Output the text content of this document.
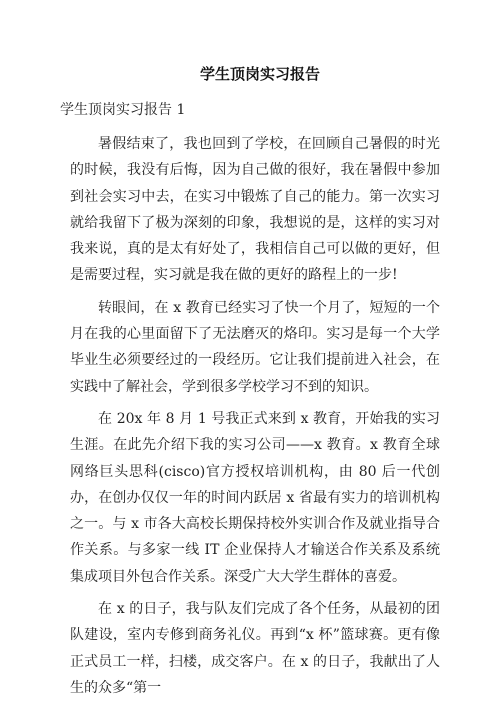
学生顶岗实习报告
学生顶岗实习报告 1

暑假结束了，我也回到了学校，在回顾自己暑假的时光的时候，我没有后悔，因为自己做的很好，我在暑假中参加到社会实习中去，在实习中锻炼了自己的能力。第一次实习就给我留下了极为深刻的印象，我想说的是，这样的实习对我来说，真的是太有好处了，我相信自己可以做的更好，但是需要过程，实习就是我在做的更好的路程上的一步!

转眼间，在 x 教育已经实习了快一个月了，短短的一个月在我的心里面留下了无法磨灭的烙印。实习是每一个大学毕业生必须要经过的一段经历。它让我们提前进入社会，在实践中了解社会，学到很多学校学习不到的知识。

在 20x 年 8 月 1 号我正式来到 x 教育，开始我的实习生涯。在此先介绍下我的实习公司——x 教育。x 教育全球网络巨头思科(cisco)官方授权培训机构，由 80 后一代创办，在创办仅仅一年的时间内跃居 x 省最有实力的培训机构之一。与 x 市各大高校长期保持校外实训合作及就业指导合作关系。与多家一线 IT 企业保持人才输送合作关系及系统集成项目外包合作关系。深受广大大学生群体的喜爱。

在 x 的日子，我与队友们完成了各个任务，从最初的团队建设，室内专修到商务礼仪。再到“x 杯”篮球赛。更有像正式员工一样，扫楼，成交客户。在 x 的日子，我献出了人生的众多“第一
